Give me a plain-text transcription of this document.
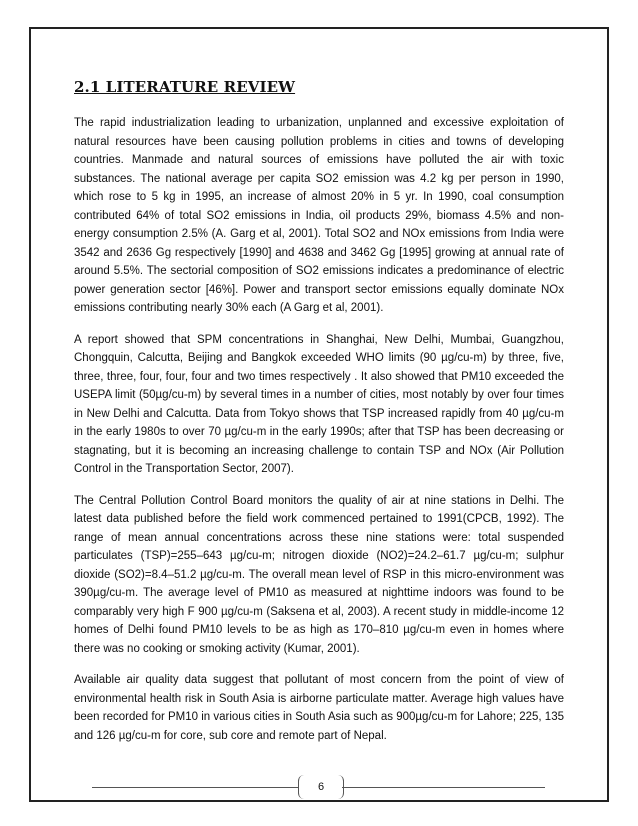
2.1 LITERATURE REVIEW

The rapid industrialization leading to urbanization, unplanned and excessive exploitation of natural resources have been causing pollution problems in cities and towns of developing countries. Manmade and natural sources of emissions have polluted the air with toxic substances. The national average per capita SO2 emission was 4.2 kg per person in 1990, which rose to 5 kg in 1995, an increase of almost 20% in 5 yr. In 1990, coal consumption contributed 64% of total SO2 emissions in India, oil products 29%, biomass 4.5% and non-energy consumption 2.5% (A. Garg et al, 2001). Total SO2 and NOx emissions from India were 3542 and 2636 Gg respectively [1990] and 4638 and 3462 Gg [1995] growing at annual rate of around 5.5%. The sectorial composition of SO2 emissions indicates a predominance of electric power generation sector [46%]. Power and transport sector emissions equally dominate NOx emissions contributing nearly 30% each (A Garg et al, 2001).

A report showed that SPM concentrations in Shanghai, New Delhi, Mumbai, Guangzhou, Chongquin, Calcutta, Beijing and Bangkok exceeded WHO limits (90 µg/cu-m) by three, five, three, three, four, four, four and two times respectively . It also showed that PM10 exceeded the USEPA limit (50µg/cu-m) by several times in a number of cities, most notably by over four times in New Delhi and Calcutta. Data from Tokyo shows that TSP increased rapidly from 40 µg/cu-m in the early 1980s to over 70 µg/cu-m in the early 1990s; after that TSP has been decreasing or stagnating, but it is becoming an increasing challenge to contain TSP and NOx (Air Pollution Control in the Transportation Sector, 2007).

The Central Pollution Control Board monitors the quality of air at nine stations in Delhi. The latest data published before the field work commenced pertained to 1991(CPCB, 1992). The range of mean annual concentrations across these nine stations were: total suspended particulates (TSP)=255–643 µg/cu-m; nitrogen dioxide (NO2)=24.2–61.7 µg/cu-m; sulphur dioxide (SO2)=8.4–51.2 µg/cu-m. The overall mean level of RSP in this micro-environment was 390µg/cu-m. The average level of PM10 as measured at nighttime indoors was found to be comparably very high F 900 µg/cu-m (Saksena et al, 2003). A recent study in middle-income 12 homes of Delhi found PM10 levels to be as high as 170–810 µg/cu-m even in homes where there was no cooking or smoking activity (Kumar, 2001).

Available air quality data suggest that pollutant of most concern from the point of view of environmental health risk in South Asia is airborne particulate matter. Average high values have been recorded for PM10 in various cities in South Asia such as 900µg/cu-m for Lahore; 225, 135 and 126 µg/cu-m for core, sub core and remote part of Nepal.

6
